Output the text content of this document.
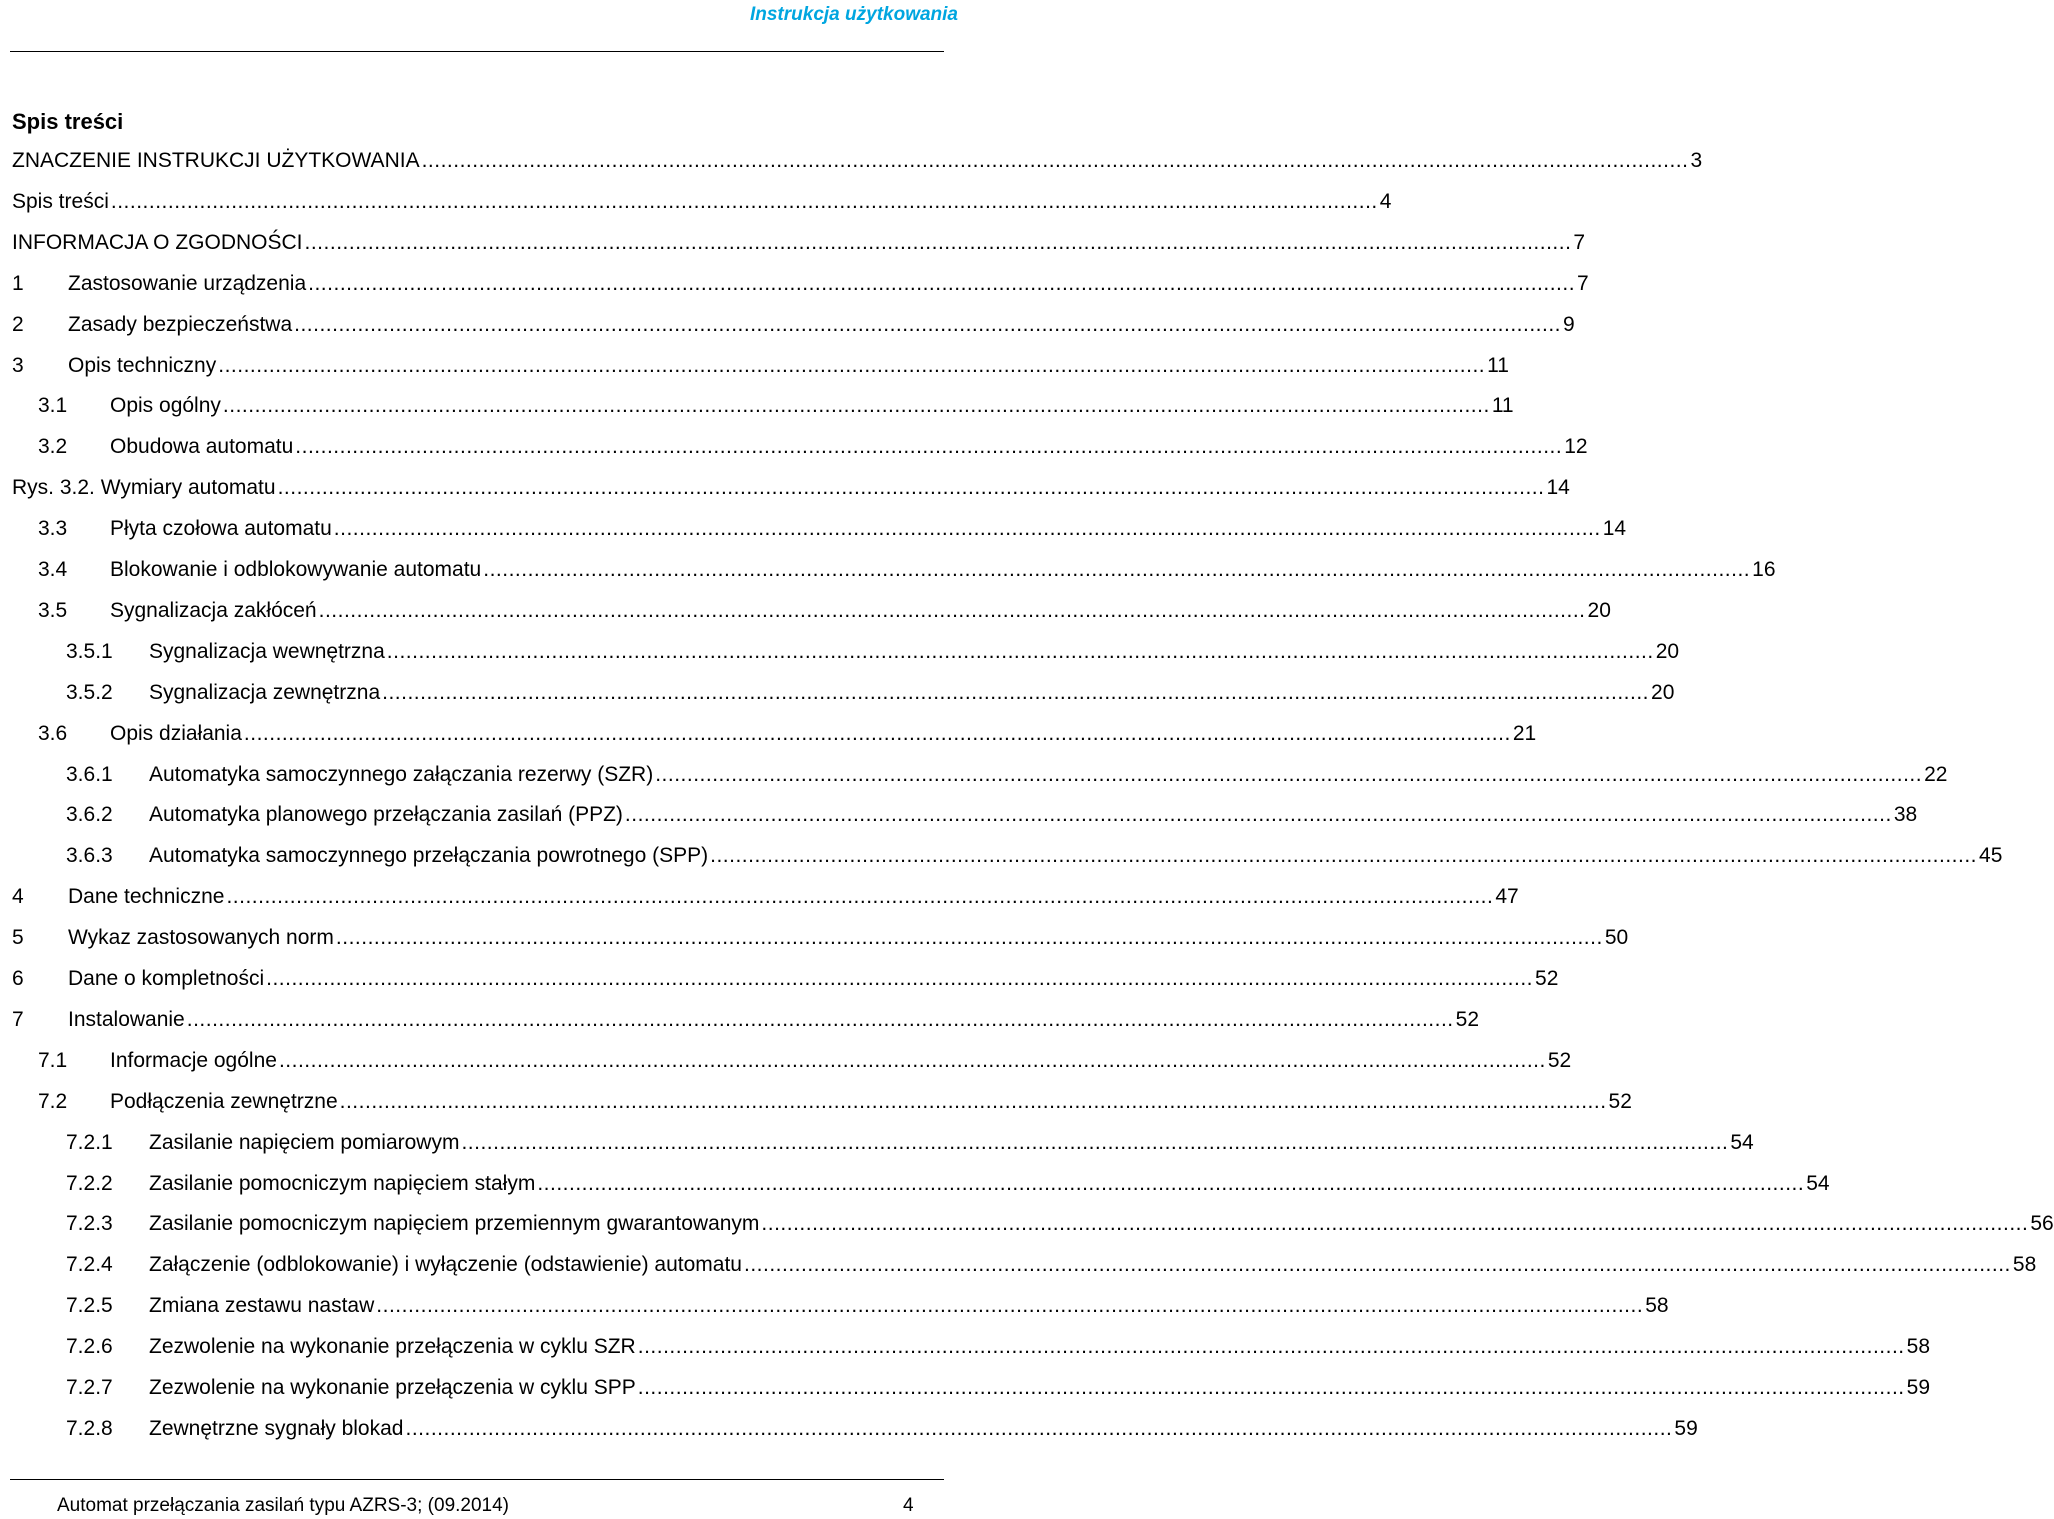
Instrukcja użytkowania
Spis treści
ZNACZENIE INSTRUKCJI UŻYTKOWANIA ........................................................................................................................................................................................................ 3
Spis treści ........................................................................................................................................................................................................ 4
INFORMACJA O ZGODNOŚCI ........................................................................................................................................................................................................ 7
1 Zastosowanie urządzenia ........................................................................................................................................................................................................ 7
2 Zasady bezpieczeństwa ........................................................................................................................................................................................................ 9
3 Opis techniczny ........................................................................................................................................................................................................ 11
3.1 Opis ogólny ........................................................................................................................................................................................................ 11
3.2 Obudowa automatu ........................................................................................................................................................................................................ 12
Rys. 3.2. Wymiary automatu ........................................................................................................................................................................................................ 14
3.3 Płyta czołowa automatu ........................................................................................................................................................................................................ 14
3.4 Blokowanie i odblokowywanie automatu ........................................................................................................................................................................................................ 16
3.5 Sygnalizacja zakłóceń ........................................................................................................................................................................................................ 20
3.5.1 Sygnalizacja wewnętrzna ........................................................................................................................................................................................................ 20
3.5.2 Sygnalizacja zewnętrzna ........................................................................................................................................................................................................ 20
3.6 Opis działania ........................................................................................................................................................................................................ 21
3.6.1 Automatyka samoczynnego załączania rezerwy (SZR) ........................................................................................................................................................................................................ 22
3.6.2 Automatyka planowego przełączania zasilań (PPZ) ........................................................................................................................................................................................................ 38
3.6.3 Automatyka samoczynnego przełączania powrotnego (SPP) ........................................................................................................................................................................................................ 45
4 Dane techniczne ........................................................................................................................................................................................................ 47
5 Wykaz zastosowanych norm ........................................................................................................................................................................................................ 50
6 Dane o kompletności ........................................................................................................................................................................................................ 52
7 Instalowanie ........................................................................................................................................................................................................ 52
7.1 Informacje ogólne ........................................................................................................................................................................................................ 52
7.2 Podłączenia zewnętrzne ........................................................................................................................................................................................................ 52
7.2.1 Zasilanie napięciem pomiarowym ........................................................................................................................................................................................................ 54
7.2.2 Zasilanie pomocniczym napięciem stałym ........................................................................................................................................................................................................ 54
7.2.3 Zasilanie pomocniczym napięciem przemiennym gwarantowanym ........................................................................................................................................................................................................ 56
7.2.4 Załączenie (odblokowanie) i wyłączenie (odstawienie) automatu ........................................................................................................................................................................................................ 58
7.2.5 Zmiana zestawu nastaw ........................................................................................................................................................................................................ 58
7.2.6 Zezwolenie na wykonanie przełączenia w cyklu SZR ........................................................................................................................................................................................................ 58
7.2.7 Zezwolenie na wykonanie przełączenia w cyklu SPP ........................................................................................................................................................................................................ 59
7.2.8 Zewnętrzne sygnały blokad ........................................................................................................................................................................................................ 59
Automat przełączania zasilań typu AZRS-3; (09.2014)	4
